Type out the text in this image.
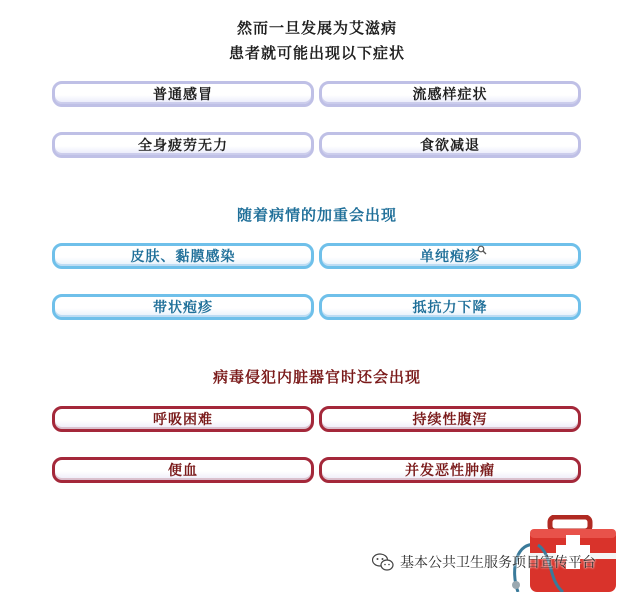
然而一旦发展为艾滋病
患者就可能出现以下症状
普通感冒	流感样症状
全身疲劳无力	食欲减退
随着病情的加重会出现
皮肤、黏膜感染	单纯疱疹
带状疱疹	抵抗力下降
病毒侵犯内脏器官时还会出现
呼吸困难	持续性腹泻
便血	并发恶性肿瘤
基本公共卫生服务项目宣传平台
